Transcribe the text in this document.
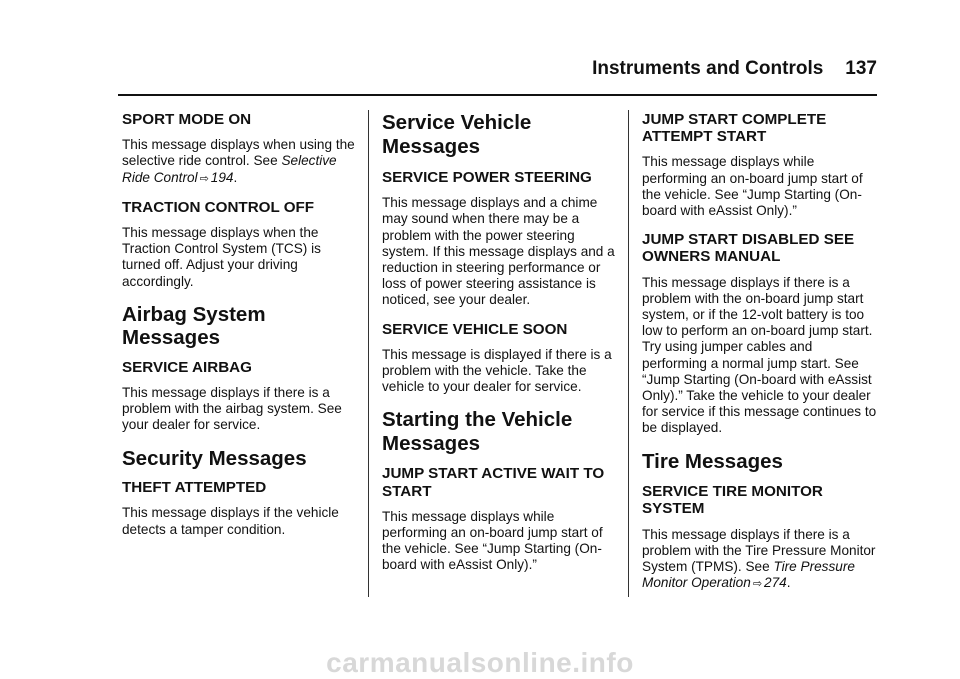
Instruments and Controls 137
SPORT MODE ON

This message displays when using the selective ride control. See Selective Ride Control ⇨ 194.

TRACTION CONTROL OFF

This message displays when the Traction Control System (TCS) is turned off. Adjust your driving accordingly.

Airbag System Messages
SERVICE AIRBAG

This message displays if there is a problem with the airbag system. See your dealer for service.

Security Messages
THEFT ATTEMPTED

This message displays if the vehicle detects a tamper condition.

Service Vehicle Messages
SERVICE POWER STEERING

This message displays and a chime may sound when there may be a problem with the power steering system. If this message displays and a reduction in steering performance or loss of power steering assistance is noticed, see your dealer.

SERVICE VEHICLE SOON

This message is displayed if there is a problem with the vehicle. Take the vehicle to your dealer for service.

Starting the Vehicle Messages
JUMP START ACTIVE WAIT TO START

This message displays while performing an on-board jump start of the vehicle. See “Jump Starting (On-board with eAssist Only).”

JUMP START COMPLETE ATTEMPT START

This message displays while performing an on-board jump start of the vehicle. See “Jump Starting (On-board with eAssist Only).”

JUMP START DISABLED SEE OWNERS MANUAL

This message displays if there is a problem with the on-board jump start system, or if the 12-volt battery is too low to perform an on-board jump start. Try using jumper cables and performing a normal jump start. See “Jump Starting (On-board with eAssist Only).” Take the vehicle to your dealer for service if this message continues to be displayed.

Tire Messages
SERVICE TIRE MONITOR SYSTEM

This message displays if there is a problem with the Tire Pressure Monitor System (TPMS). See Tire Pressure Monitor Operation ⇨ 274.

carmanualsonline.info
